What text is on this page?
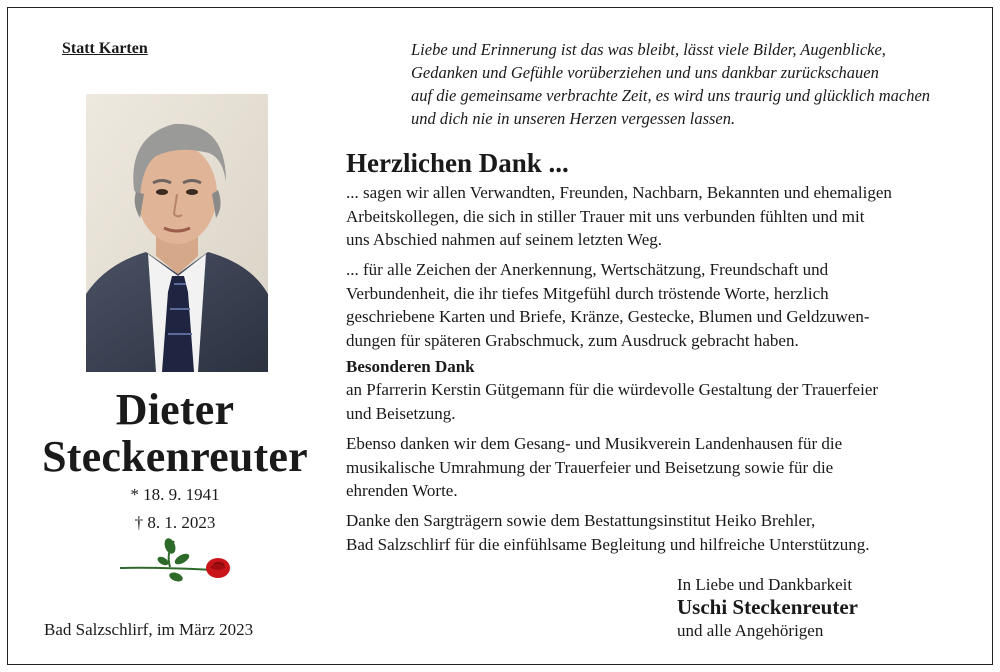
Statt Karten	Liebe und Erinnerung ist das was bleibt, lässt viele Bilder, Augenblicke,
Gedanken und Gefühle vorüberziehen und uns dankbar zurückschauen
auf die gemeinsame verbrachte Zeit, es wird uns traurig und glücklich machen
und dich nie in unseren Herzen vergessen lassen.
Dieter
Steckenreuter
* 18. 9. 1941
† 8. 1. 2023
Bad Salzschlirf, im März 2023
Herzlichen Dank ...
... sagen wir allen Verwandten, Freunden, Nachbarn, Bekannten und ehemaligen
Arbeitskollegen, die sich in stiller Trauer mit uns verbunden fühlten und mit
uns Abschied nahmen auf seinem letzten Weg.
... für alle Zeichen der Anerkennung, Wertschätzung, Freundschaft und
Verbundenheit, die ihr tiefes Mitgefühl durch tröstende Worte, herzlich
geschriebene Karten und Briefe, Kränze, Gestecke, Blumen und Geldzuwen-
dungen für späteren Grabschmuck, zum Ausdruck gebracht haben.
Besonderen Dank
an Pfarrerin Kerstin Gütgemann für die würdevolle Gestaltung der Trauerfeier
und Beisetzung.
Ebenso danken wir dem Gesang- und Musikverein Landenhausen für die
musikalische Umrahmung der Trauerfeier und Beisetzung sowie für die
ehrenden Worte.
Danke den Sargträgern sowie dem Bestattungsinstitut Heiko Brehler,
Bad Salzschlirf für die einfühlsame Begleitung und hilfreiche Unterstützung.
In Liebe und Dankbarkeit
Uschi Steckenreuter
und alle Angehörigen
